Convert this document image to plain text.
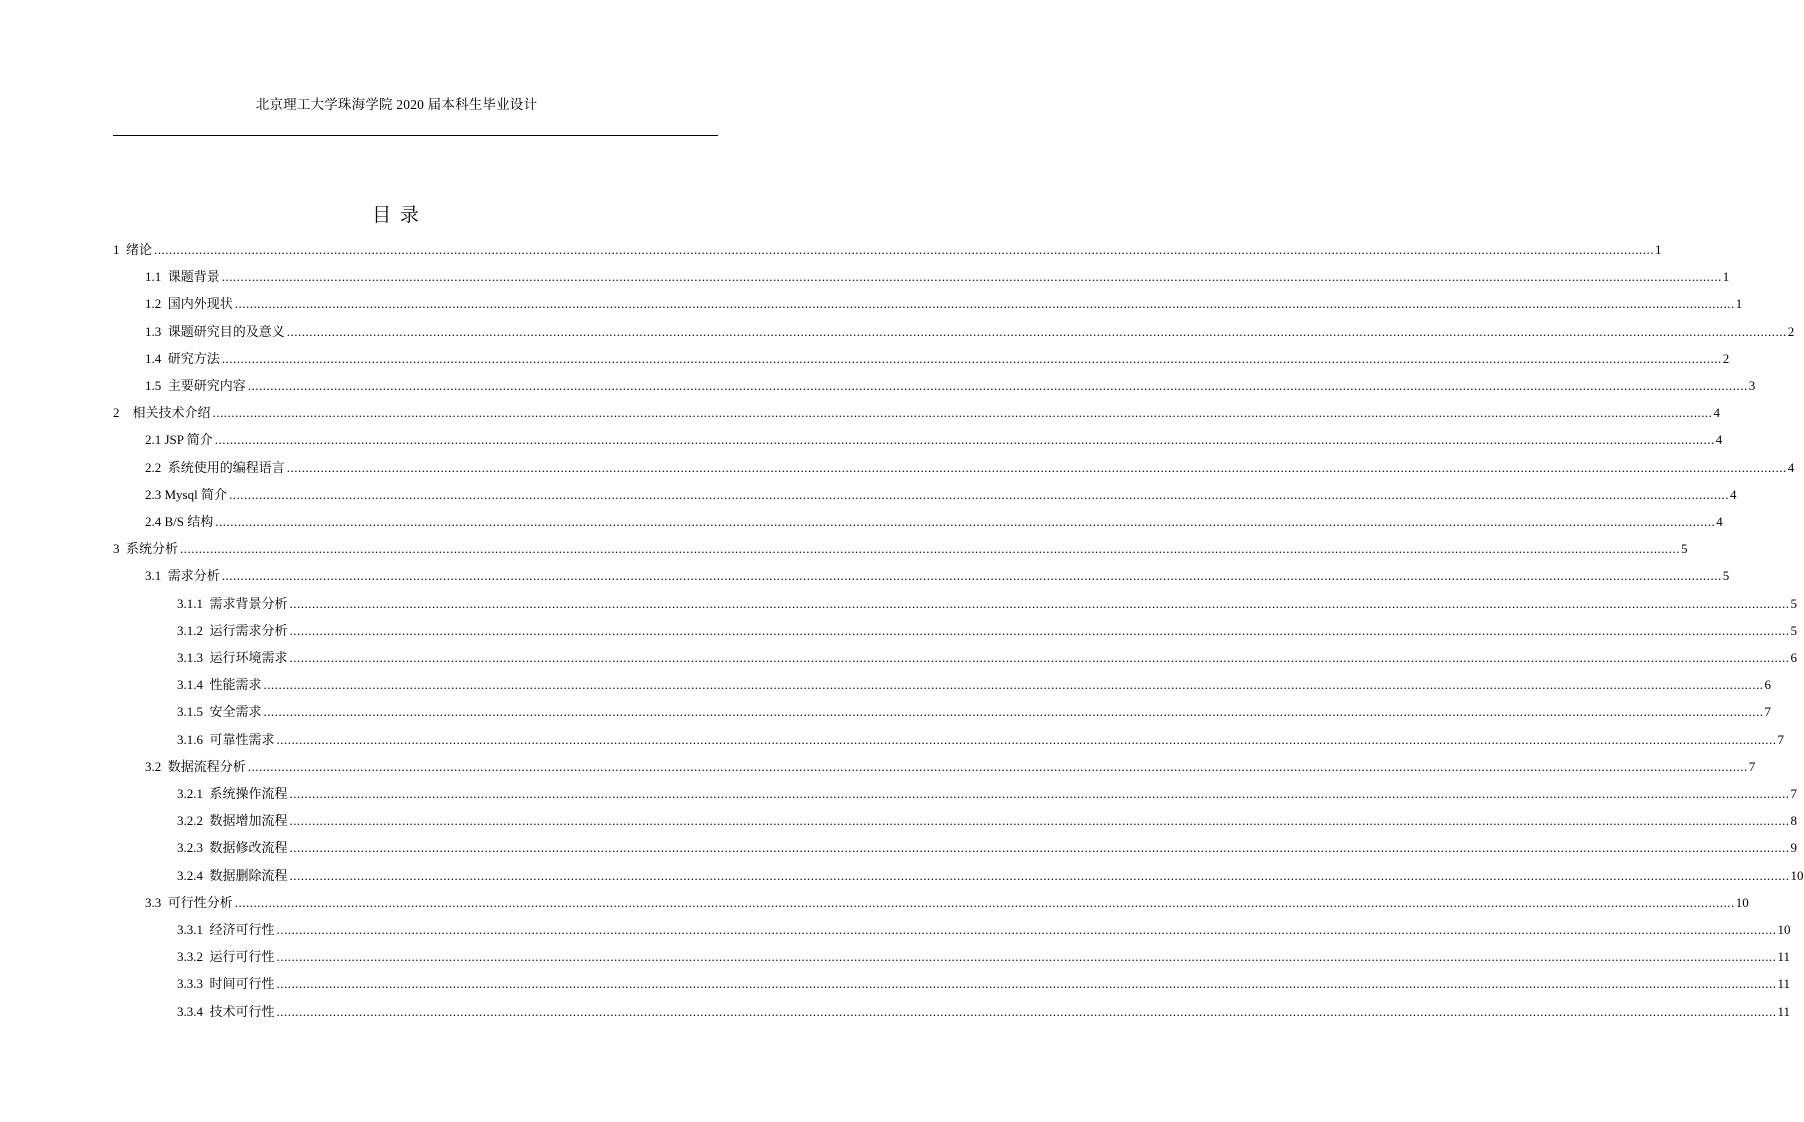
北京理工大学珠海学院 2020 届本科生毕业设计
目 录
1  绪论 ................................................................................................................................................................................................................................................................................................................................................................................................................ 1
1.1  课题背景 ................................................................................................................................................................................................................................................................................................................................................................................................................ 1
1.2  国内外现状 ................................................................................................................................................................................................................................................................................................................................................................................................................ 1
1.3  课题研究目的及意义 ................................................................................................................................................................................................................................................................................................................................................................................................................ 2
1.4  研究方法 ................................................................................................................................................................................................................................................................................................................................................................................................................ 2
1.5  主要研究内容 ................................................................................................................................................................................................................................................................................................................................................................................................................ 3
2    相关技术介绍 ................................................................................................................................................................................................................................................................................................................................................................................................................ 4
2.1 JSP 简介 ................................................................................................................................................................................................................................................................................................................................................................................................................ 4
2.2  系统使用的编程语言 ................................................................................................................................................................................................................................................................................................................................................................................................................ 4
2.3 Mysql 简介 ................................................................................................................................................................................................................................................................................................................................................................................................................ 4
2.4 B/S 结构 ................................................................................................................................................................................................................................................................................................................................................................................................................ 4
3  系统分析 ................................................................................................................................................................................................................................................................................................................................................................................................................ 5
3.1  需求分析 ................................................................................................................................................................................................................................................................................................................................................................................................................ 5
3.1.1  需求背景分析 ................................................................................................................................................................................................................................................................................................................................................................................................................ 5
3.1.2  运行需求分析 ................................................................................................................................................................................................................................................................................................................................................................................................................ 5
3.1.3  运行环境需求 ................................................................................................................................................................................................................................................................................................................................................................................................................ 6
3.1.4  性能需求 ................................................................................................................................................................................................................................................................................................................................................................................................................ 6
3.1.5  安全需求 ................................................................................................................................................................................................................................................................................................................................................................................................................ 7
3.1.6  可靠性需求 ................................................................................................................................................................................................................................................................................................................................................................................................................ 7
3.2  数据流程分析 ................................................................................................................................................................................................................................................................................................................................................................................................................ 7
3.2.1  系统操作流程 ................................................................................................................................................................................................................................................................................................................................................................................................................ 7
3.2.2  数据增加流程 ................................................................................................................................................................................................................................................................................................................................................................................................................ 8
3.2.3  数据修改流程 ................................................................................................................................................................................................................................................................................................................................................................................................................ 9
3.2.4  数据删除流程 ................................................................................................................................................................................................................................................................................................................................................................................................................ 10
3.3  可行性分析 ................................................................................................................................................................................................................................................................................................................................................................................................................ 10
3.3.1  经济可行性 ................................................................................................................................................................................................................................................................................................................................................................................................................ 10
3.3.2  运行可行性 ................................................................................................................................................................................................................................................................................................................................................................................................................ 11
3.3.3  时间可行性 ................................................................................................................................................................................................................................................................................................................................................................................................................ 11
3.3.4  技术可行性 ................................................................................................................................................................................................................................................................................................................................................................................................................ 11
